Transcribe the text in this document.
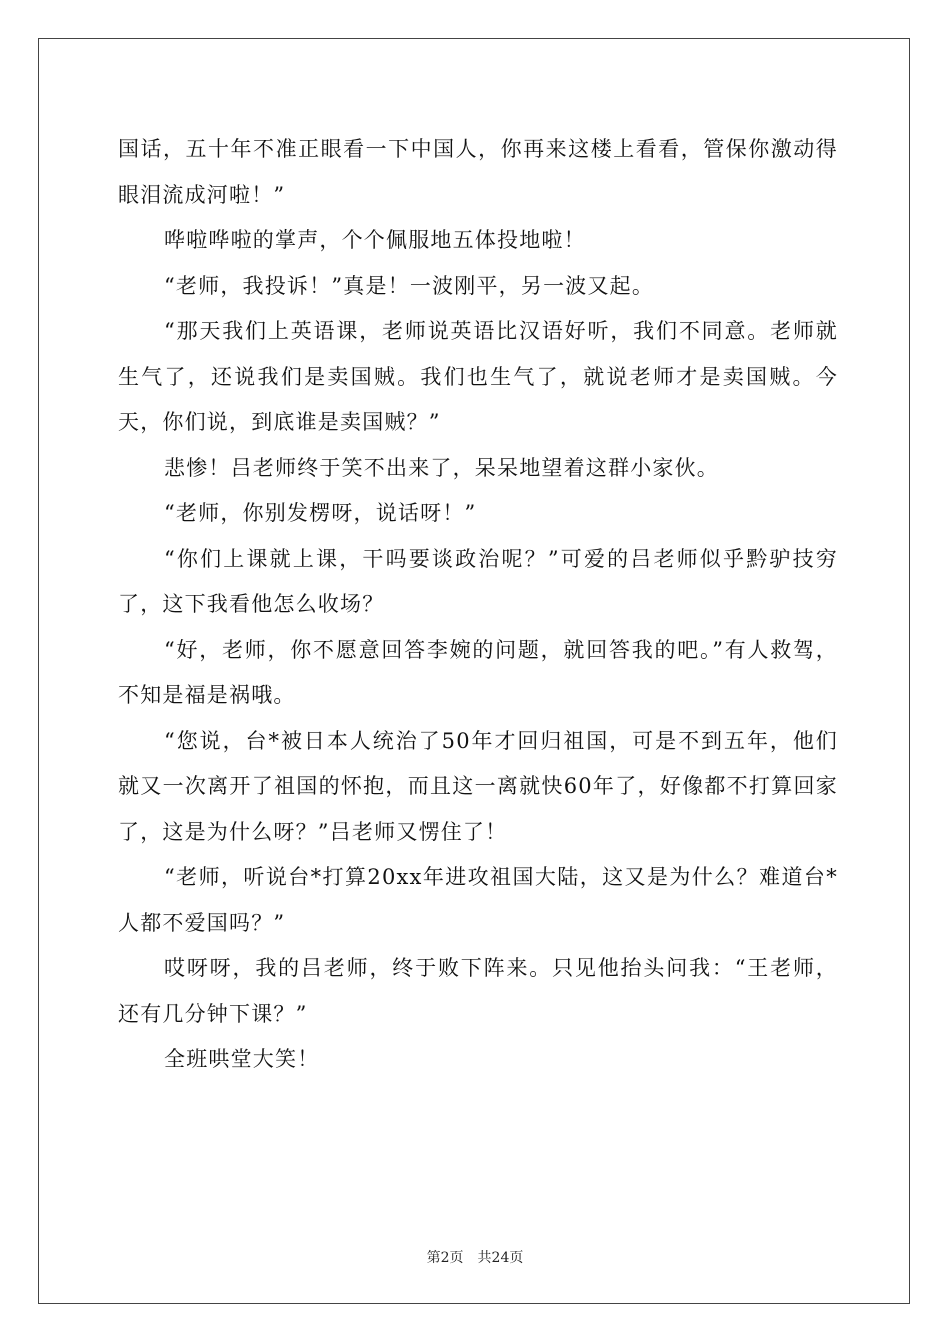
国话，五十年不准正眼看一下中国人，你再来这楼上看看，管保你激动得眼泪流成河啦！”

哗啦哗啦的掌声，个个佩服地五体投地啦！

“老师，我投诉！”真是！一波刚平，另一波又起。

“那天我们上英语课，老师说英语比汉语好听，我们不同意。老师就生气了，还说我们是卖国贼。我们也生气了，就说老师才是卖国贼。今天，你们说，到底谁是卖国贼？”

悲惨！吕老师终于笑不出来了，呆呆地望着这群小家伙。

“老师，你别发楞呀，说话呀！”

“你们上课就上课，干吗要谈政治呢？”可爱的吕老师似乎黔驴技穷了，这下我看他怎么收场？

“好，老师，你不愿意回答李婉的问题，就回答我的吧。”有人救驾，不知是福是祸哦。

“您说，台*被日本人统治了50年才回归祖国，可是不到五年，他们就又一次离开了祖国的怀抱，而且这一离就快60年了，好像都不打算回家了，这是为什么呀？”吕老师又愣住了！

“老师，听说台*打算20xx年进攻祖国大陆，这又是为什么？难道台*人都不爱国吗？”

哎呀呀，我的吕老师，终于败下阵来。只见他抬头问我：“王老师，还有几分钟下课？”

全班哄堂大笑！

第2页 共24页
